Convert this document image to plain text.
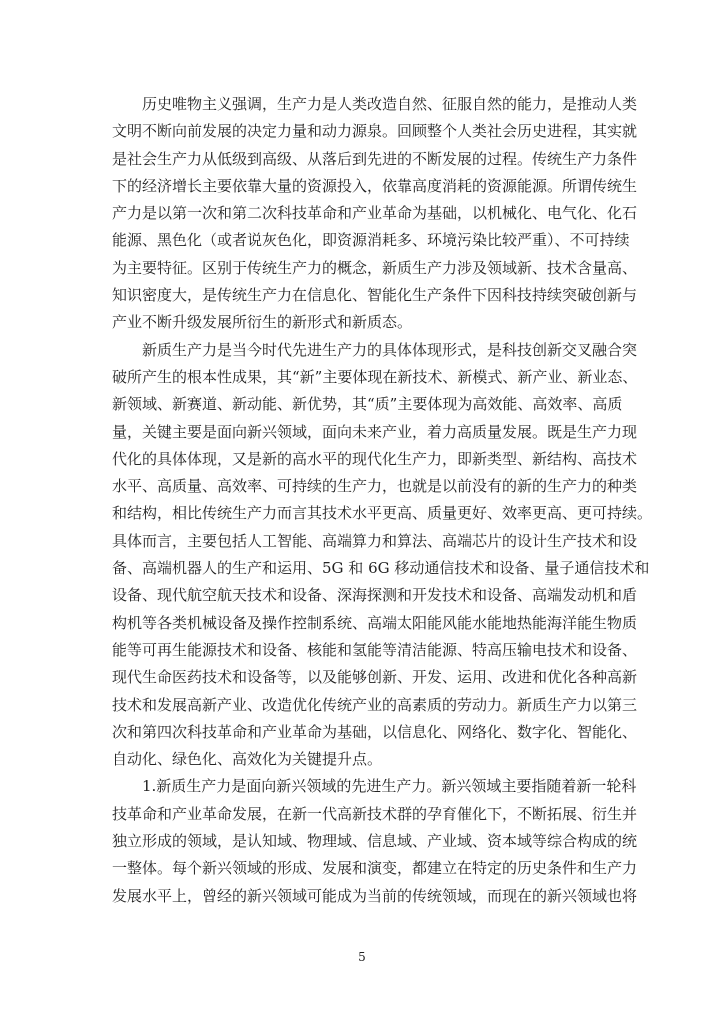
历史唯物主义强调，生产力是人类改造自然、征服自然的能力，是推动人类
文明不断向前发展的决定力量和动力源泉。回顾整个人类社会历史进程，其实就
是社会生产力从低级到高级、从落后到先进的不断发展的过程。传统生产力条件
下的经济增长主要依靠大量的资源投入，依靠高度消耗的资源能源。所谓传统生
产力是以第一次和第二次科技革命和产业革命为基础，以机械化、电气化、化石
能源、黑色化（或者说灰色化，即资源消耗多、环境污染比较严重）、不可持续
为主要特征。区别于传统生产力的概念，新质生产力涉及领域新、技术含量高、
知识密度大，是传统生产力在信息化、智能化生产条件下因科技持续突破创新与
产业不断升级发展所衍生的新形式和新质态。
新质生产力是当今时代先进生产力的具体体现形式，是科技创新交叉融合突
破所产生的根本性成果，其“新”主要体现在新技术、新模式、新产业、新业态、
新领域、新赛道、新动能、新优势，其“质”主要体现为高效能、高效率、高质
量，关键主要是面向新兴领域，面向未来产业，着力高质量发展。既是生产力现
代化的具体体现，又是新的高水平的现代化生产力，即新类型、新结构、高技术
水平、高质量、高效率、可持续的生产力，也就是以前没有的新的生产力的种类
和结构，相比传统生产力而言其技术水平更高、质量更好、效率更高、更可持续。
具体而言，主要包括人工智能、高端算力和算法、高端芯片的设计生产技术和设
备、高端机器人的生产和运用、5G 和 6G 移动通信技术和设备、量子通信技术和
设备、现代航空航天技术和设备、深海探测和开发技术和设备、高端发动机和盾
构机等各类机械设备及操作控制系统、高端太阳能风能水能地热能海洋能生物质
能等可再生能源技术和设备、核能和氢能等清洁能源、特高压输电技术和设备、
现代生命医药技术和设备等，以及能够创新、开发、运用、改进和优化各种高新
技术和发展高新产业、改造优化传统产业的高素质的劳动力。新质生产力以第三
次和第四次科技革命和产业革命为基础，以信息化、网络化、数字化、智能化、
自动化、绿色化、高效化为关键提升点。
1.新质生产力是面向新兴领域的先进生产力。新兴领域主要指随着新一轮科
技革命和产业革命发展，在新一代高新技术群的孕育催化下，不断拓展、衍生并
独立形成的领域，是认知域、物理域、信息域、产业域、资本域等综合构成的统
一整体。每个新兴领域的形成、发展和演变，都建立在特定的历史条件和生产力
发展水平上，曾经的新兴领域可能成为当前的传统领域，而现在的新兴领域也将
5
